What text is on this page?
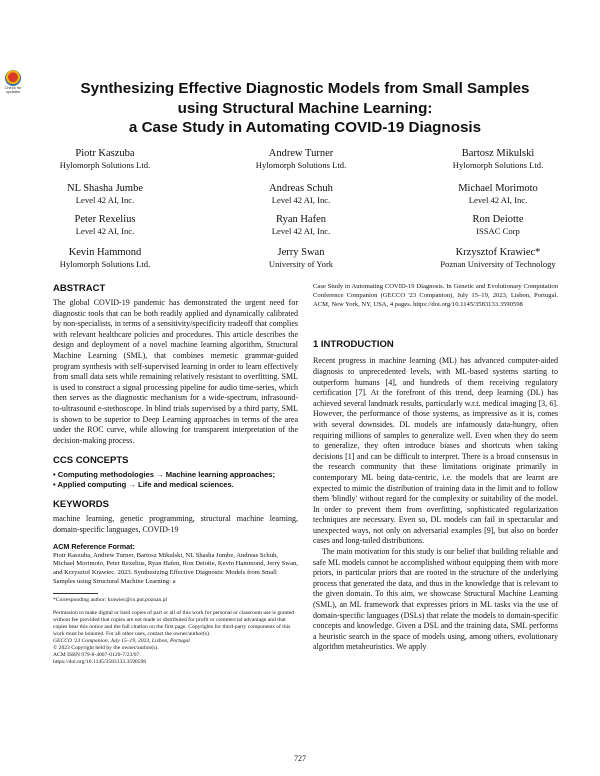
Check for updates	Synthesizing Effective Diagnostic Models from Small Samples
using Structural Machine Learning:
a Case Study in Automating COVID-19 Diagnosis
Piotr Kaszuba
Hylomorph Solutions Ltd.
Andrew Turner
Hylomorph Solutions Ltd.
Bartosz Mikulski
Hylomorph Solutions Ltd.
NL Shasha Jumbe
Level 42 AI, Inc.
Andreas Schuh
Level 42 AI, Inc.
Michael Morimoto
Level 42 AI, Inc.
Peter Rexelius
Level 42 AI, Inc.
Ryan Hafen
Level 42 AI, Inc.
Ron Deiotte
ISSAC Corp
Kevin Hammond
Hylomorph Solutions Ltd.
Jerry Swan
University of York
Krzysztof Krawiec*
Poznan University of Technology
ABSTRACT

The global COVID-19 pandemic has demonstrated the urgent need for diagnostic tools that can be both readily applied and dynamically calibrated by non-specialists, in terms of a sensitivity/specificity tradeoff that complies with relevant healthcare policies and procedures. This article describes the design and deployment of a novel machine learning algorithm, Structural Machine Learning (SML), that combines memetic grammar-guided program synthesis with self-supervised learning in order to learn effectively from small data sets while remaining relatively resistant to overfitting. SML is used to construct a signal processing pipeline for audio time-series, which then serves as the diagnostic mechanism for a wide-spectrum, infrasound-to-ultrasound e-stethoscope. In blind trials supervised by a third party, SML is shown to be superior to Deep Learning approaches in terms of the area under the ROC curve, while allowing for transparent interpretation of the decision-making process.

CCS CONCEPTS

• Computing methodologies → Machine learning approaches;

• Applied computing → Life and medical sciences.

KEYWORDS

machine learning, genetic programming, structural machine learning, domain-specific languages, COVID-19

ACM Reference Format:

Piotr Kaszuba, Andrew Turner, Bartosz Mikulski, NL Shasha Jumbe, Andreas Schuh, Michael Morimoto, Peter Rexelius, Ryan Hafen, Ron Deiotte, Kevin Hammond, Jerry Swan, and Krzysztof Krawiec. 2023. Synthesizing Effective Diagnostic Models from Small Samples using Structural Machine Learning: a

*Corresponding author: krawiec@cs.put.poznan.pl

Permission to make digital or hard copies of part or all of this work for personal or classroom use is granted without fee provided that copies are not made or distributed for profit or commercial advantage and that copies bear this notice and the full citation on the first page. Copyrights for third-party components of this work must be honored. For all other uses, contact the owner/author(s).

GECCO '23 Companion, July 15–19, 2023, Lisbon, Portugal

© 2023 Copyright held by the owner/author(s).

ACM ISBN 979-8-4007-0120-7/23/07.

https://doi.org/10.1145/3583133.3590598

Case Study in Automating COVID-19 Diagnosis. In Genetic and Evolutionary Computation Conference Companion (GECCO '23 Companion), July 15–19, 2023, Lisbon, Portugal. ACM, New York, NY, USA, 4 pages. https://doi.org/10.1145/3583133.3590598

1 INTRODUCTION

Recent progress in machine learning (ML) has advanced computer-aided diagnosis to unprecedented levels, with ML-based systems starting to outperform humans [4], and hundreds of them receiving regulatory certification [7]. At the forefront of this trend, deep learning (DL) has achieved several landmark results, particularly w.r.t. medical imaging [3, 6]. However, the performance of those systems, as impressive as it is, comes with several downsides. DL models are infamously data-hungry, often requiring millions of samples to generalize well. Even when they do seem to generalize, they often introduce biases and shortcuts when taking decisions [1] and can be difficult to interpret. There is a broad consensus in the research community that these limitations originate primarily in contemporary ML being data-centric, i.e. the models that are learnt are expected to mimic the distribution of training data in the limit and to follow them 'blindly' without regard for the complexity or suitability of the model. In order to prevent them from overfitting, sophisticated regularization techniques are necessary. Even so, DL models can fail in spectacular and unexpected ways, not only on adversarial examples [9], but also on border cases and long-tailed distributions.

The main motivation for this study is our belief that building reliable and safe ML models cannot be accomplished without equipping them with more priors, in particular priors that are rooted in the structure of the underlying process that generated the data, and thus in the knowledge that is relevant to the given domain. To this aim, we showcase Structural Machine Learning (SML), an ML framework that expresses priors in ML tasks via the use of domain-specific languages (DSLs) that relate the models to domain-specific concepts and knowledge. Given a DSL and the training data, SML performs a heuristic search in the space of models using, among others, evolutionary algorithm metaheuristics. We apply

727
